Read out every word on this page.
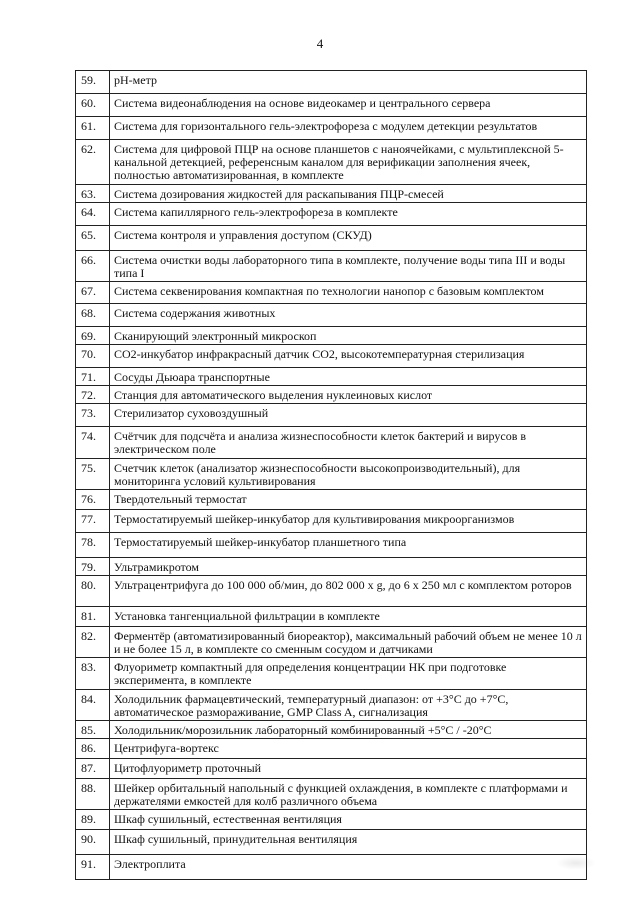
4
59.	pH-метр
60.	Система видеонаблюдения на основе видеокамер и центрального сервера
61.	Система для горизонтального гель-электрофореза с модулем детекции результатов
62.	Система для цифровой ПЦР на основе планшетов с наноячейками, с мультиплексной 5-канальной детекцией, референсным каналом для верификации заполнения ячеек, полностью автоматизированная, в комплекте
63.	Система дозирования жидкостей для раскапывания ПЦР-смесей
64.	Система капиллярного гель-электрофореза в комплекте
65.	Система контроля и управления доступом (СКУД)
66.	Система очистки воды лабораторного типа в комплекте, получение воды типа III и воды типа I
67.	Система секвенирования компактная по технологии нанопор с базовым комплектом
68.	Система содержания животных
69.	Сканирующий электронный микроскоп
70.	CO2-инкубатор инфракрасный датчик CO2, высокотемпературная стерилизация
71.	Сосуды Дьюара транспортные
72.	Станция для автоматического выделения нуклеиновых кислот
73.	Стерилизатор суховоздушный
74.	Счётчик для подсчёта и анализа жизнеспособности клеток бактерий и вирусов в электрическом поле
75.	Счетчик клеток (анализатор жизнеспособности высокопроизводительный), для мониторинга условий культивирования
76.	Твердотельный термостат
77.	Термостатируемый шейкер-инкубатор для культивирования микроорганизмов
78.	Термостатируемый шейкер-инкубатор планшетного типа
79.	Ультрамикротом
80.	Ультрацентрифуга до 100 000 об/мин, до 802 000 x g, до 6 x 250 мл с комплектом роторов
81.	Установка тангенциальной фильтрации в комплекте
82.	Ферментёр (автоматизированный биореактор), максимальный рабочий объем не менее 10 л и не более 15 л, в комплекте со сменным сосудом и датчиками
83.	Флуориметр компактный для определения концентрации НК при подготовке эксперимента, в комплекте
84.	Холодильник фармацевтический, температурный диапазон: от +3°С до +7°С, автоматическое размораживание, GMP Class A, сигнализация
85.	Холодильник/морозильник лабораторный комбинированный +5°С / -20°С
86.	Центрифуга-вортекс
87.	Цитофлуориметр проточный
88.	Шейкер орбитальный напольный с функцией охлаждения, в комплекте с платформами и держателями емкостей для колб различного объема
89.	Шкаф сушильный, естественная вентиляция
90.	Шкаф сушильный, принудительная вентиляция
91.	Электроплита
